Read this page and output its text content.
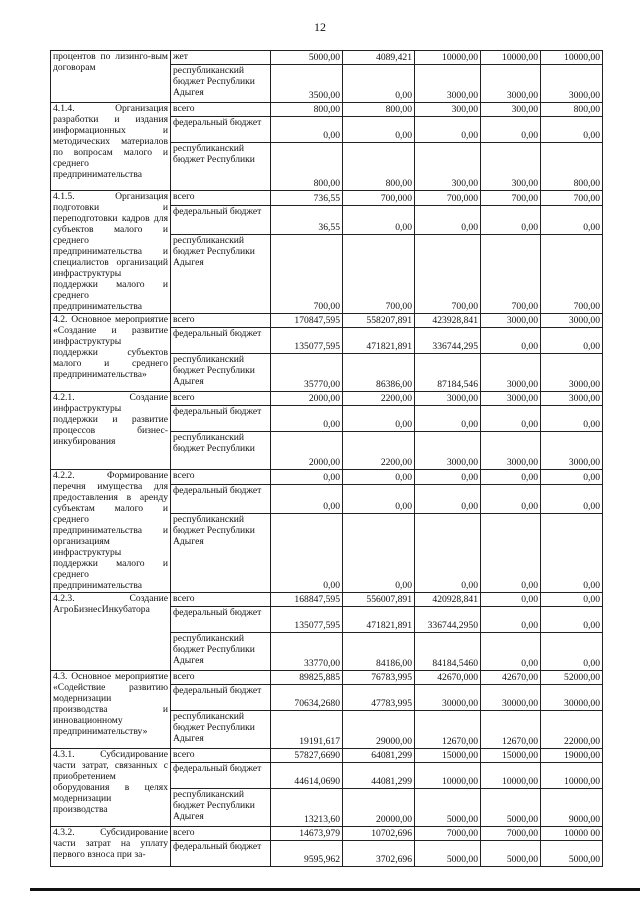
12
процентов по лизинго-вым договорам	жет	5000,00	4089,421	10000,00	10000,00	10000,00
	республиканский бюджет Республики Адыгея	3500,00	0,00	3000,00	3000,00	3000,00
4.1.4. Организация разработки и издания информационных и методических материалов по вопросам малого и среднего предпринимательства	всего	800,00	800,00	300,00	300,00	800,00
	федеральный бюджет	0,00	0,00	0,00	0,00	0,00
	республиканский бюджет Республики	800,00	800,00	300,00	300,00	800,00
4.1.5. Организация подготовки и переподготовки кадров для субъектов малого и среднего предпринимательства и специалистов организаций инфраструктуры поддержки малого и среднего предпринимательства	всего	736,55	700,000	700,000	700,00	700,00
	федеральный бюджет	36,55	0,00	0,00	0,00	0,00
	республиканский бюджет Республики Адыгея	700,00	700,00	700,00	700,00	700,00
4.2. Основное мероприятие «Создание и развитие инфраструктуры поддержки субъектов малого и среднего предпринимательства»	всего	170847,595	558207,891	423928,841	3000,00	3000,00
	федеральный бюджет	135077,595	471821,891	336744,295	0,00	0,00
	республиканский бюджет Республики Адыгея	35770,00	86386,00	87184,546	3000,00	3000,00
4.2.1. Создание инфраструктуры поддержки и развитие процессов бизнес-инкубирования	всего	2000,00	2200,00	3000,00	3000,00	3000,00
	федеральный бюджет	0,00	0,00	0,00	0,00	0,00
	республиканский бюджет Республики	2000,00	2200,00	3000,00	3000,00	3000,00
4.2.2. Формирование перечня имущества для предоставления в аренду субъектам малого и среднего предпринимательства и организациям инфраструктуры поддержки малого и среднего предпринимательства	всего	0,00	0,00	0,00	0,00	0,00
	федеральный бюджет	0,00	0,00	0,00	0,00	0,00
	республиканский бюджет Республики Адыгея	0,00	0,00	0,00	0,00	0,00
4.2.3. Создание АгроБизнесИнкубатора	всего	168847,595	556007,891	420928,841	0,00	0,00
	федеральный бюджет	135077,595	471821,891	336744,2950	0,00	0,00
	республиканский бюджет Республики Адыгея	33770,00	84186,00	84184,5460	0,00	0,00
4.3. Основное мероприятие «Содействие развитию модернизации производства и инновационному предпринимательству»	всего	89825,885	76783,995	42670,000	42670,00	52000,00
	федеральный бюджет	70634,2680	47783,995	30000,00	30000,00	30000,00
	республиканский бюджет Республики Адыгея	19191,617	29000,00	12670,00	12670,00	22000,00
4.3.1. Субсидирование части затрат, связанных с приобретением оборудования в целях модернизации производства	всего	57827,6690	64081,299	15000,00	15000,00	19000,00
	федеральный бюджет	44614,0690	44081,299	10000,00	10000,00	10000,00
	республиканский бюджет Республики Адыгея	13213,60	20000,00	5000,00	5000,00	9000,00
4.3.2. Субсидирование части затрат на уплату первого взноса при за-	всего	14673,979	10702,696	7000,00	7000,00	10000 00
	федеральный бюджет	9595,962	3702,696	5000,00	5000,00	5000,00
